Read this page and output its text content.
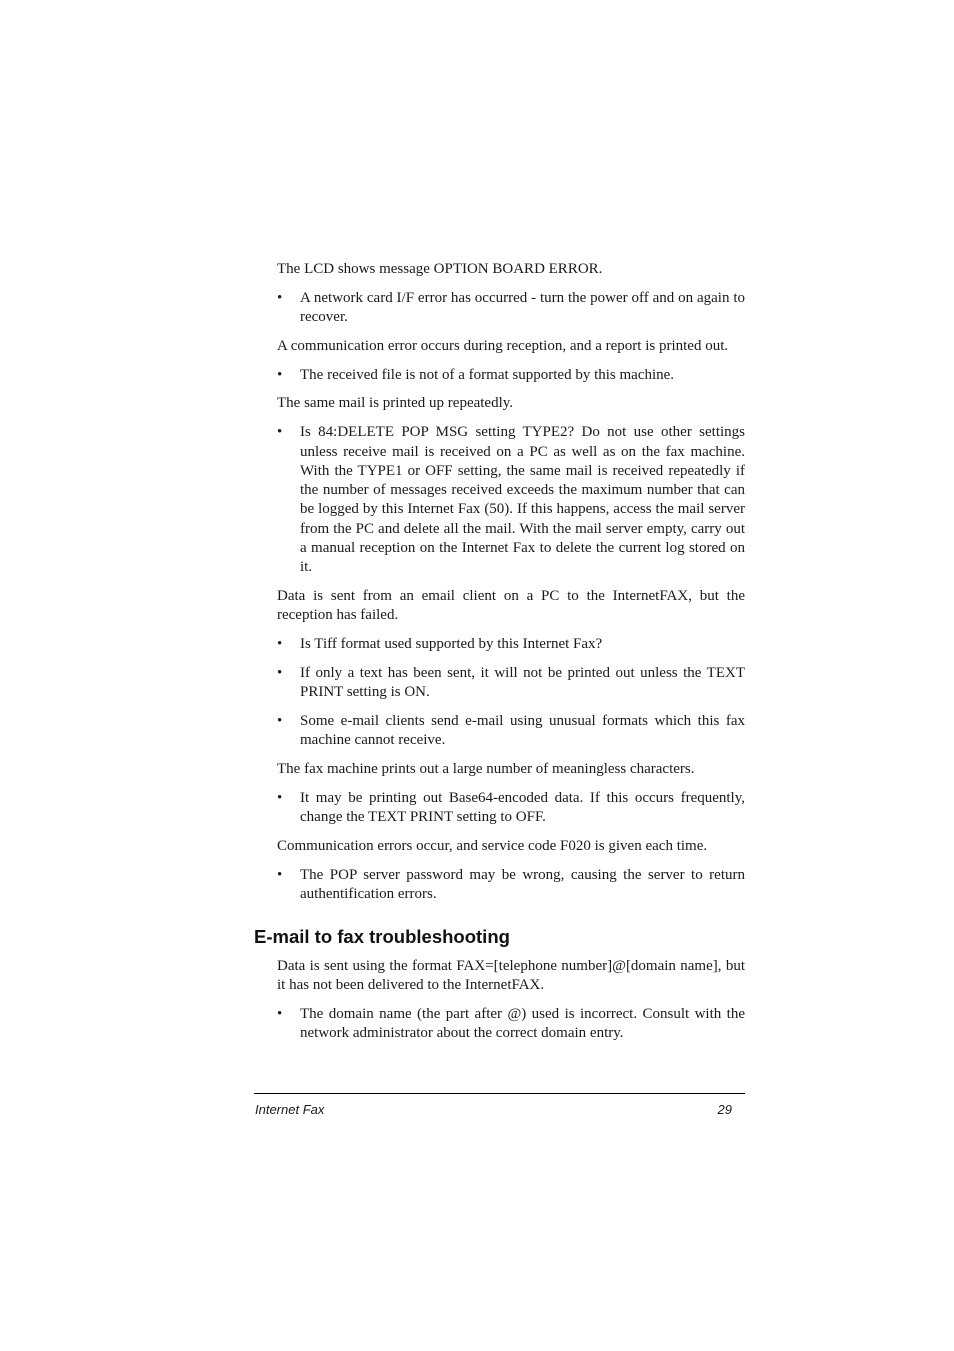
The LCD shows message OPTION BOARD ERROR.

• A network card I/F error has occurred - turn the power off and on again to recover.

A communication error occurs during reception, and a report is printed out.

• The received file is not of a format supported by this machine.

The same mail is printed up repeatedly.

• Is 84:DELETE POP MSG setting TYPE2? Do not use other settings unless receive mail is received on a PC as well as on the fax machine. With the TYPE1 or OFF setting, the same mail is received repeatedly if the number of messages received exceeds the maximum number that can be logged by this Internet Fax (50). If this happens, access the mail server from the PC and delete all the mail. With the mail server empty, carry out a manual reception on the Internet Fax to delete the current log stored on it.

Data is sent from an email client on a PC to the InternetFAX, but the reception has failed.

• Is Tiff format used supported by this Internet Fax?
• If only a text has been sent, it will not be printed out unless the TEXT PRINT setting is ON.
• Some e-mail clients send e-mail using unusual formats which this fax machine cannot receive.

The fax machine prints out a large number of meaningless characters.

• It may be printing out Base64-encoded data. If this occurs frequently, change the TEXT PRINT setting to OFF.

Communication errors occur, and service code F020 is given each time.

• The POP server password may be wrong, causing the server to return authentification errors.
E-mail to fax troubleshooting

Data is sent using the format FAX=[telephone number]@[domain name], but it has not been delivered to the InternetFAX.

• The domain name (the part after @) used is incorrect. Consult with the network administrator about the correct domain entry.
Internet Fax	29
